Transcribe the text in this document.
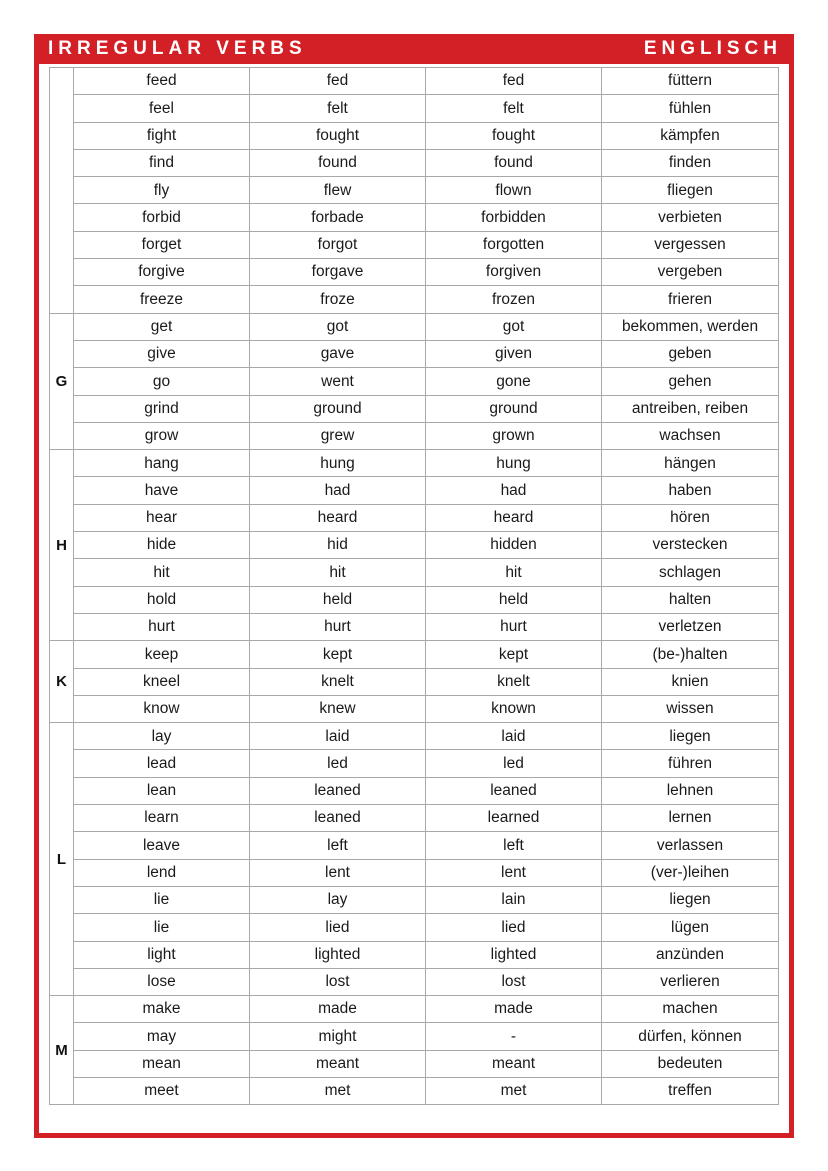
IRREGULAR VERBS	ENGLISCH
	feed	fed	fed	füttern
	feel	felt	felt	fühlen
	fight	fought	fought	kämpfen
	find	found	found	finden
	fly	flew	flown	fliegen
	forbid	forbade	forbidden	verbieten
	forget	forgot	forgotten	vergessen
	forgive	forgave	forgiven	vergeben
	freeze	froze	frozen	frieren
G	get	got	got	bekommen, werden
	give	gave	given	geben
	go	went	gone	gehen
	grind	ground	ground	antreiben, reiben
	grow	grew	grown	wachsen
H	hang	hung	hung	hängen
	have	had	had	haben
	hear	heard	heard	hören
	hide	hid	hidden	verstecken
	hit	hit	hit	schlagen
	hold	held	held	halten
	hurt	hurt	hurt	verletzen
K	keep	kept	kept	(be-)halten
	kneel	knelt	knelt	knien
	know	knew	known	wissen
L	lay	laid	laid	liegen
	lead	led	led	führen
	lean	leaned	leaned	lehnen
	learn	leaned	learned	lernen
	leave	left	left	verlassen
	lend	lent	lent	(ver-)leihen
	lie	lay	lain	liegen
	lie	lied	lied	lügen
	light	lighted	lighted	anzünden
	lose	lost	lost	verlieren
M	make	made	made	machen
	may	might	-	dürfen, können
	mean	meant	meant	bedeuten
	meet	met	met	treffen
